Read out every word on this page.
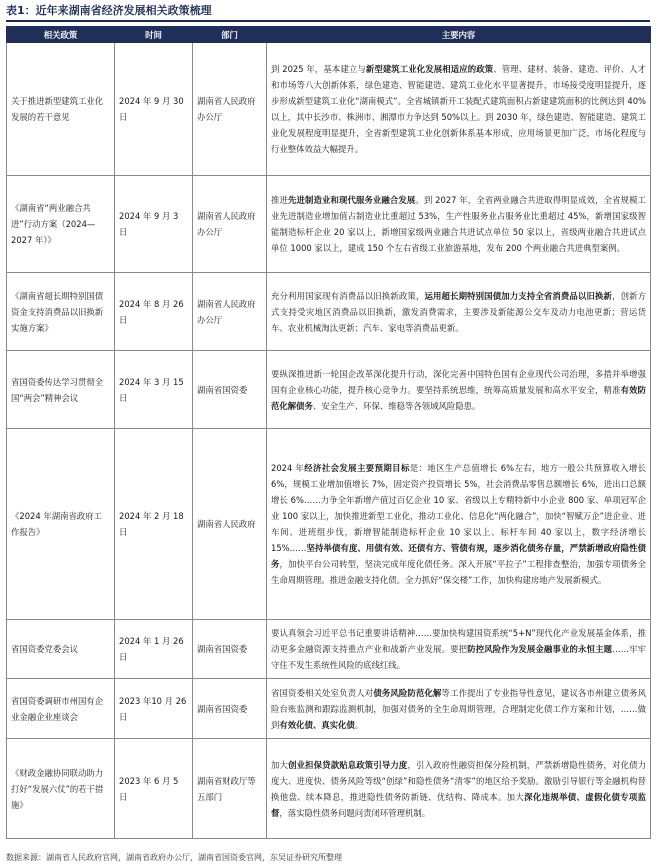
表1：近年来湖南省经济发展相关政策梳理
相关政策	时间	部门	主要内容
关于推进新型建筑工业化发展的若干意见	2024 年 9 月 30 日	湖南省人民政府办公厅	到 2025 年，基本建立与新型建筑工业化发展相适应的政策、管理、建材、装备、建造、评价、人才和市场等八大创新体系，绿色建造、智能建造、建筑工业化水平显著提升，市场接受度明显提升，逐步形成新型建筑工业化“湖南模式”。全省城镇新开工装配式建筑面积占新建建筑面积的比例达到 40%以上，其中长沙市、株洲市、湘潭市力争达到 50%以上。到 2030 年，绿色建造、智能建造、建筑工业化发展程度明显提升，全省新型建筑工业化创新体系基本形成，应用场景更加广泛，市场化程度与行业整体效益大幅提升。
《湖南省“两业融合共进”行动方案（2024—2027 年）》	2024 年 9 月 3 日	湖南省人民政府办公厅	推进先进制造业和现代服务业融合发展。到 2027 年，全省两业融合共进取得明显成效，全省规模工业先进制造业增加值占制造业比重超过 53%，生产性服务业占服务业比重超过 45%，新增国家级智能制造标杆企业 20 家以上，新增国家级两业融合共进试点单位 50 家以上，省级两业融合共进试点单位 1000 家以上，建成 150 个左右省级工业旅游基地，发布 200 个两业融合共进典型案例。
《湖南省超长期特别国债资金支持消费品以旧换新实施方案》	2024 年 8 月 26 日	湖南省人民政府办公厅	充分利用国家现有消费品以旧换新政策，运用超长期特别国债加力支持全省消费品以旧换新，创新方式支持受灾地区消费品以旧换新，激发消费需求，主要涉及新能源公交车及动力电池更新；营运货车、农业机械淘汰更新；汽车、家电等消费品更新。
省国资委传达学习贯彻全国“两会”精神会议	2024 年 3 月 15 日	湖南省国资委	要纵深推进新一轮国企改革深化提升行动，深化完善中国特色国有企业现代公司治理，多措并举增强国有企业核心功能，提升核心竞争力。要坚持系统思维，统筹高质量发展和高水平安全，精准有效防范化解债务、安全生产、环保、维稳等各领域风险隐患。
《2024 年湖南省政府工作报告》	2024 年 2 月 18 日	湖南省人民政府	2024 年经济社会发展主要预期目标是：地区生产总值增长 6%左右，地方一般公共预算收入增长 6%，规模工业增加值增长 7%，固定资产投资增长 5%，社会消费品零售总额增长 6%，进出口总额增长 6%……力争全年新增产值过百亿企业 10 家、省级以上专精特新中小企业 800 家、单项冠军企业 100 家以上，加快推进新型工业化，推动工业化、信息化“两化融合”，加快“智赋万企”进企业、进车间、进班组步伐，新增智能制造标杆企业 10 家以上、标杆车间 40 家以上，数字经济增长 15%……坚持举债有度、用债有效、还债有方、管债有规，逐步消化债务存量，严禁新增政府隐性债务，加快平台公司转型，坚决完成年度化债任务。深入开展“平拉子”工程排查整治，加强专项债务全生命周期管理。推进金融支持化债。全力抓好“保交楼”工作，加快构建房地产发展新模式。
省国资委党委会议	2024 年 1 月 26 日	湖南省国资委	要认真领会习近平总书记重要讲话精神……要加快构建国资系统“5+N”现代化产业发展基金体系，推动更多金融资源支持重点产业和战新产业发展。要把防控风险作为发展金融事业的永恒主题……牢牢守住不发生系统性风险的底线红线。
省国资委调研市州国有企业金融企业座谈会	2023 年10 月 26 日	湖南省国资委	省国资委相关处室负责人对债务风险防范化解等工作提出了专业指导性意见，建议各市州建立债务风险台账监测和跟踪监测机制，加强对债务的全生命周期管理，合理制定化债工作方案和计划，……做到有效化债、真实化债。
《财政金融协同联动助力打好“发展六仗”的若干措施》	2023 年 6 月 5 日	湖南省财政厅等五部门	加大创业担保贷款贴息政策引导力度，引入政府性融资担保分险机制，严禁新增隐性债务，对化债力度大、进度快、债务风险等级“创绿”和隐性债务“清零”的地区给予奖励。激励引导银行等金融机构替换他盘、续本降息，推进隐性债务防新链、优结构、降成本。加大深化违规举债、虚假化债专项监督，落实隐性债务问题问责闭环管理机制。
数据来源：湖南省人民政府官网，湖南省政府办公厅，湖南省国资委官网，东吴证券研究所整理
